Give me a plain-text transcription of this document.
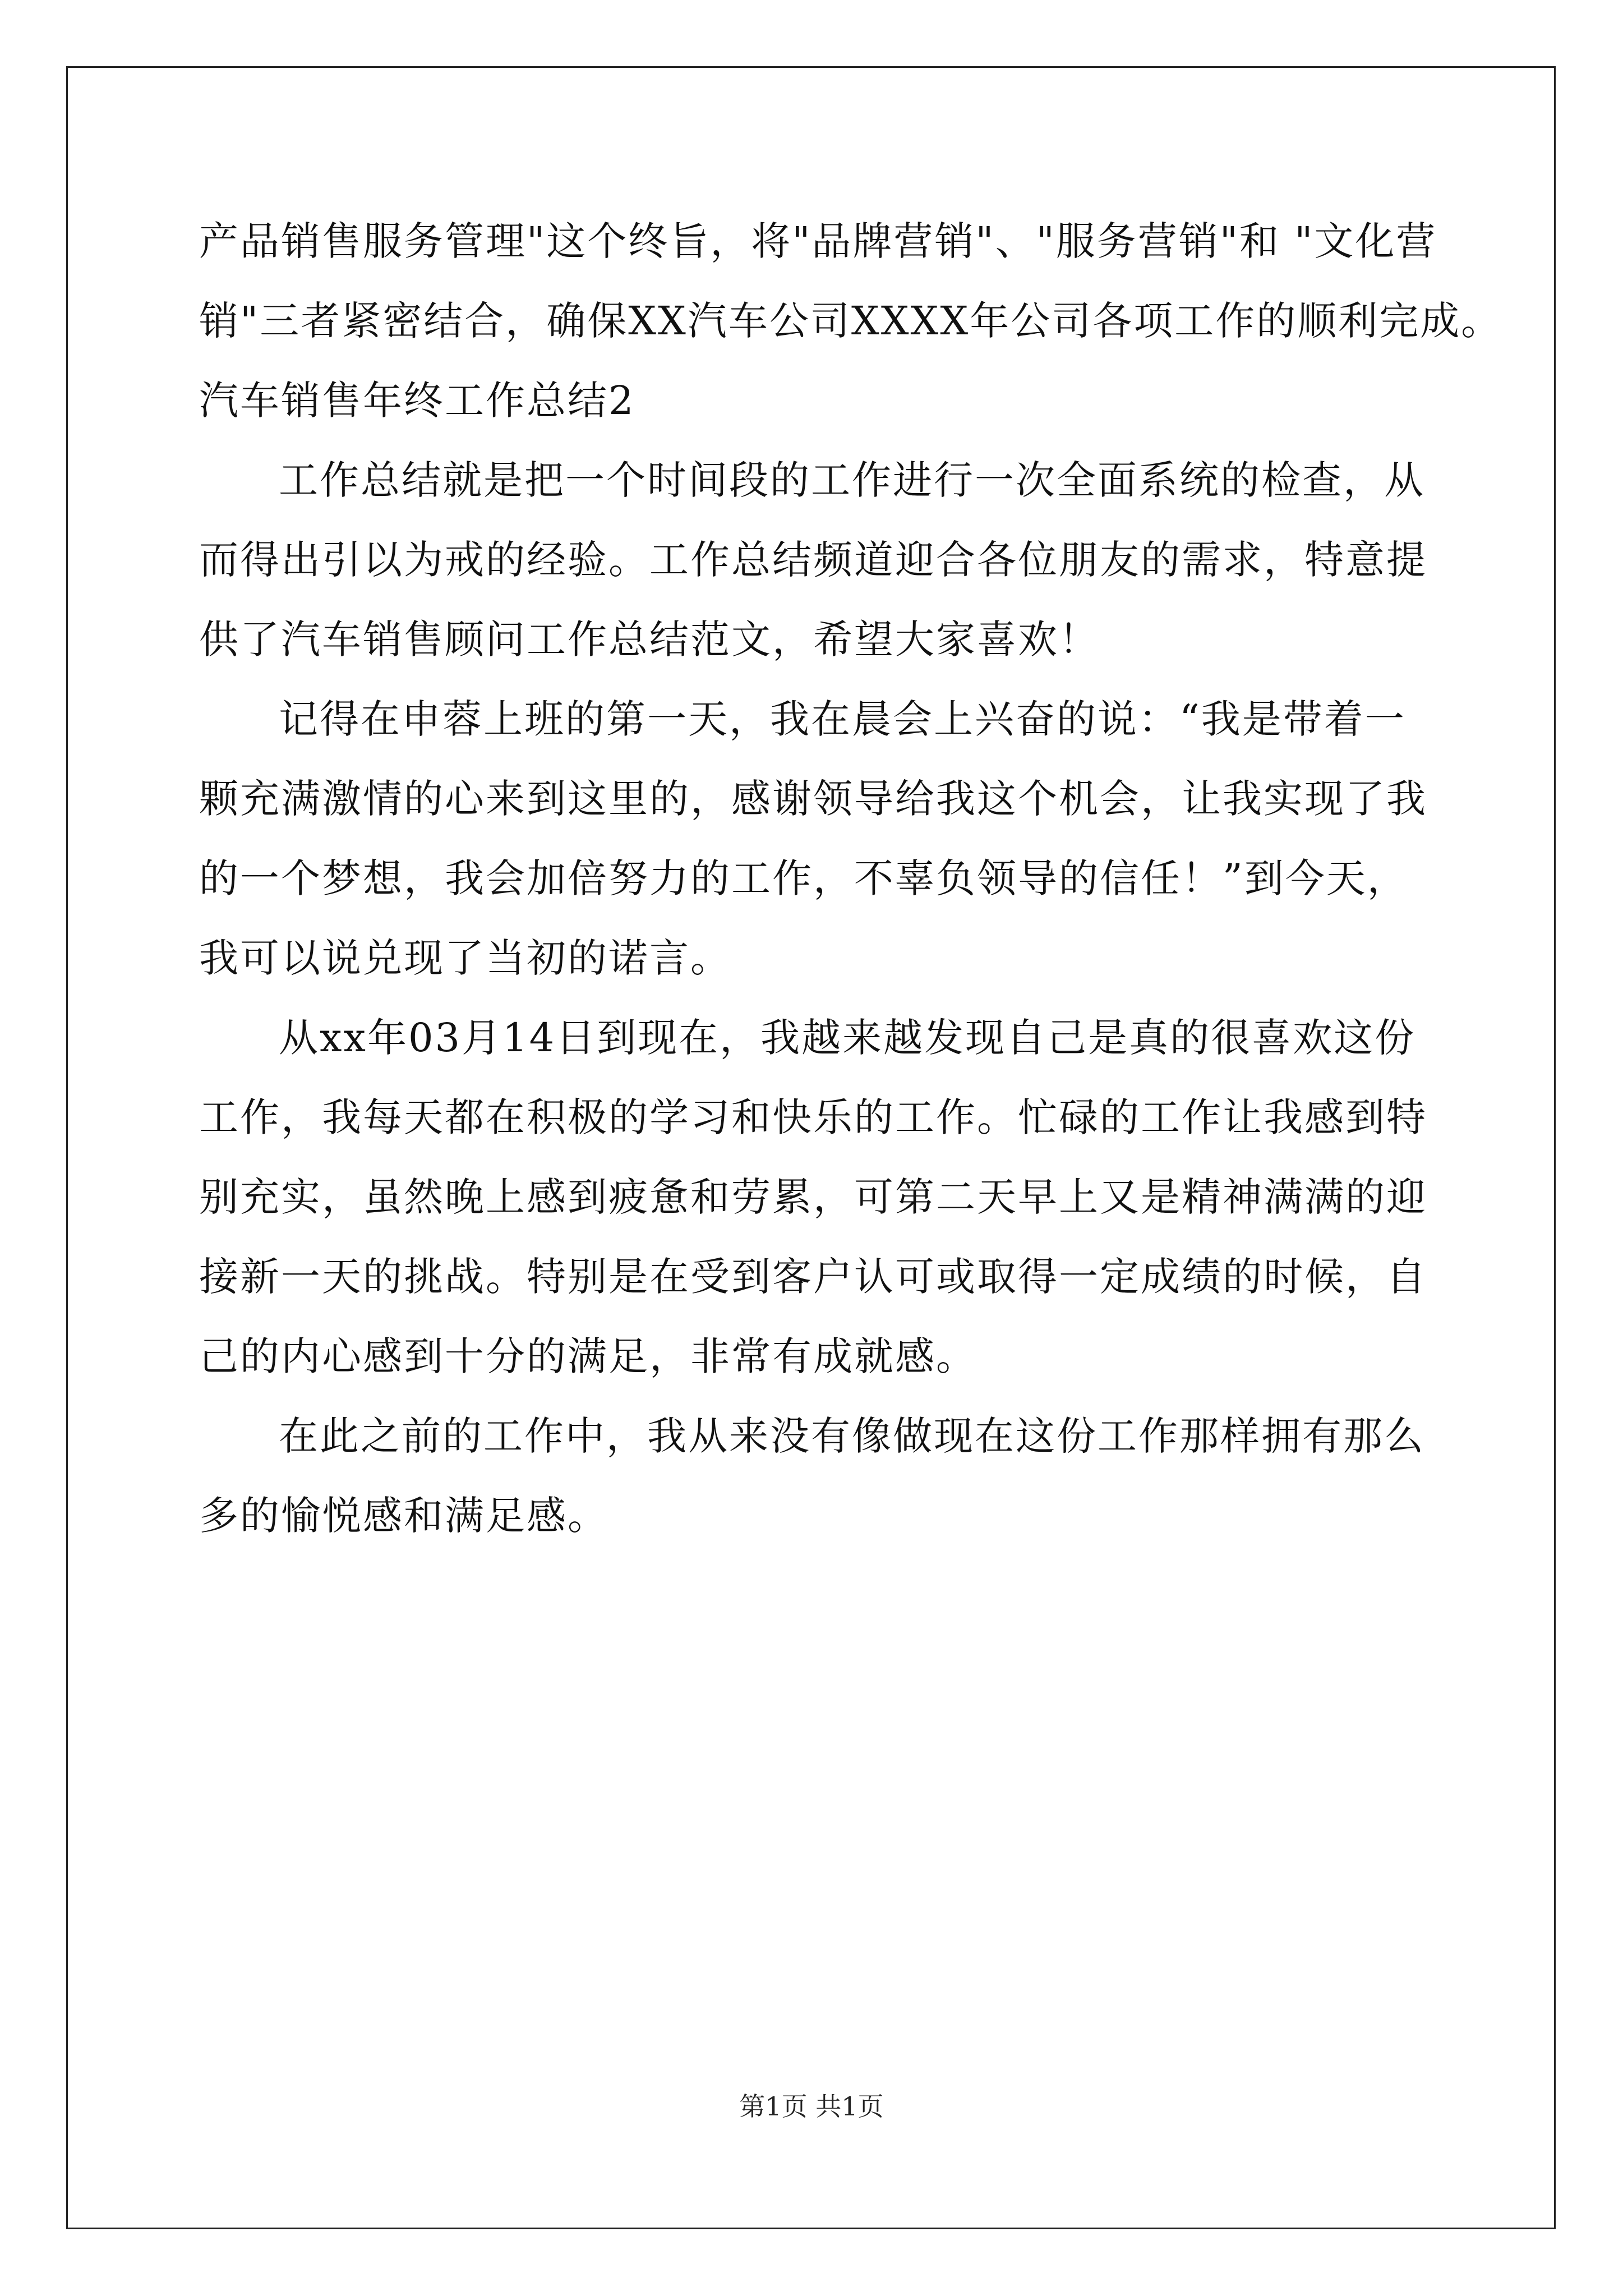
产品销售服务管理"这个终旨，将"品牌营销"、"服务营销"和 "文化营
销"三者紧密结合，确保XX汽车公司XXXX年公司各项工作的顺利完成。
汽车销售年终工作总结2
工作总结就是把一个时间段的工作进行一次全面系统的检查，从
而得出引以为戒的经验。工作总结频道迎合各位朋友的需求，特意提
供了汽车销售顾问工作总结范文，希望大家喜欢！
记得在申蓉上班的第一天，我在晨会上兴奋的说：“我是带着一
颗充满激情的心来到这里的，感谢领导给我这个机会，让我实现了我
的一个梦想，我会加倍努力的工作，不辜负领导的信任！”到今天，
我可以说兑现了当初的诺言。
从xx年03月14日到现在，我越来越发现自己是真的很喜欢这份
工作，我每天都在积极的学习和快乐的工作。忙碌的工作让我感到特
别充实，虽然晚上感到疲惫和劳累，可第二天早上又是精神满满的迎
接新一天的挑战。特别是在受到客户认可或取得一定成绩的时候，自
己的内心感到十分的满足，非常有成就感。
在此之前的工作中，我从来没有像做现在这份工作那样拥有那么
多的愉悦感和满足感。
第1页 共1页
